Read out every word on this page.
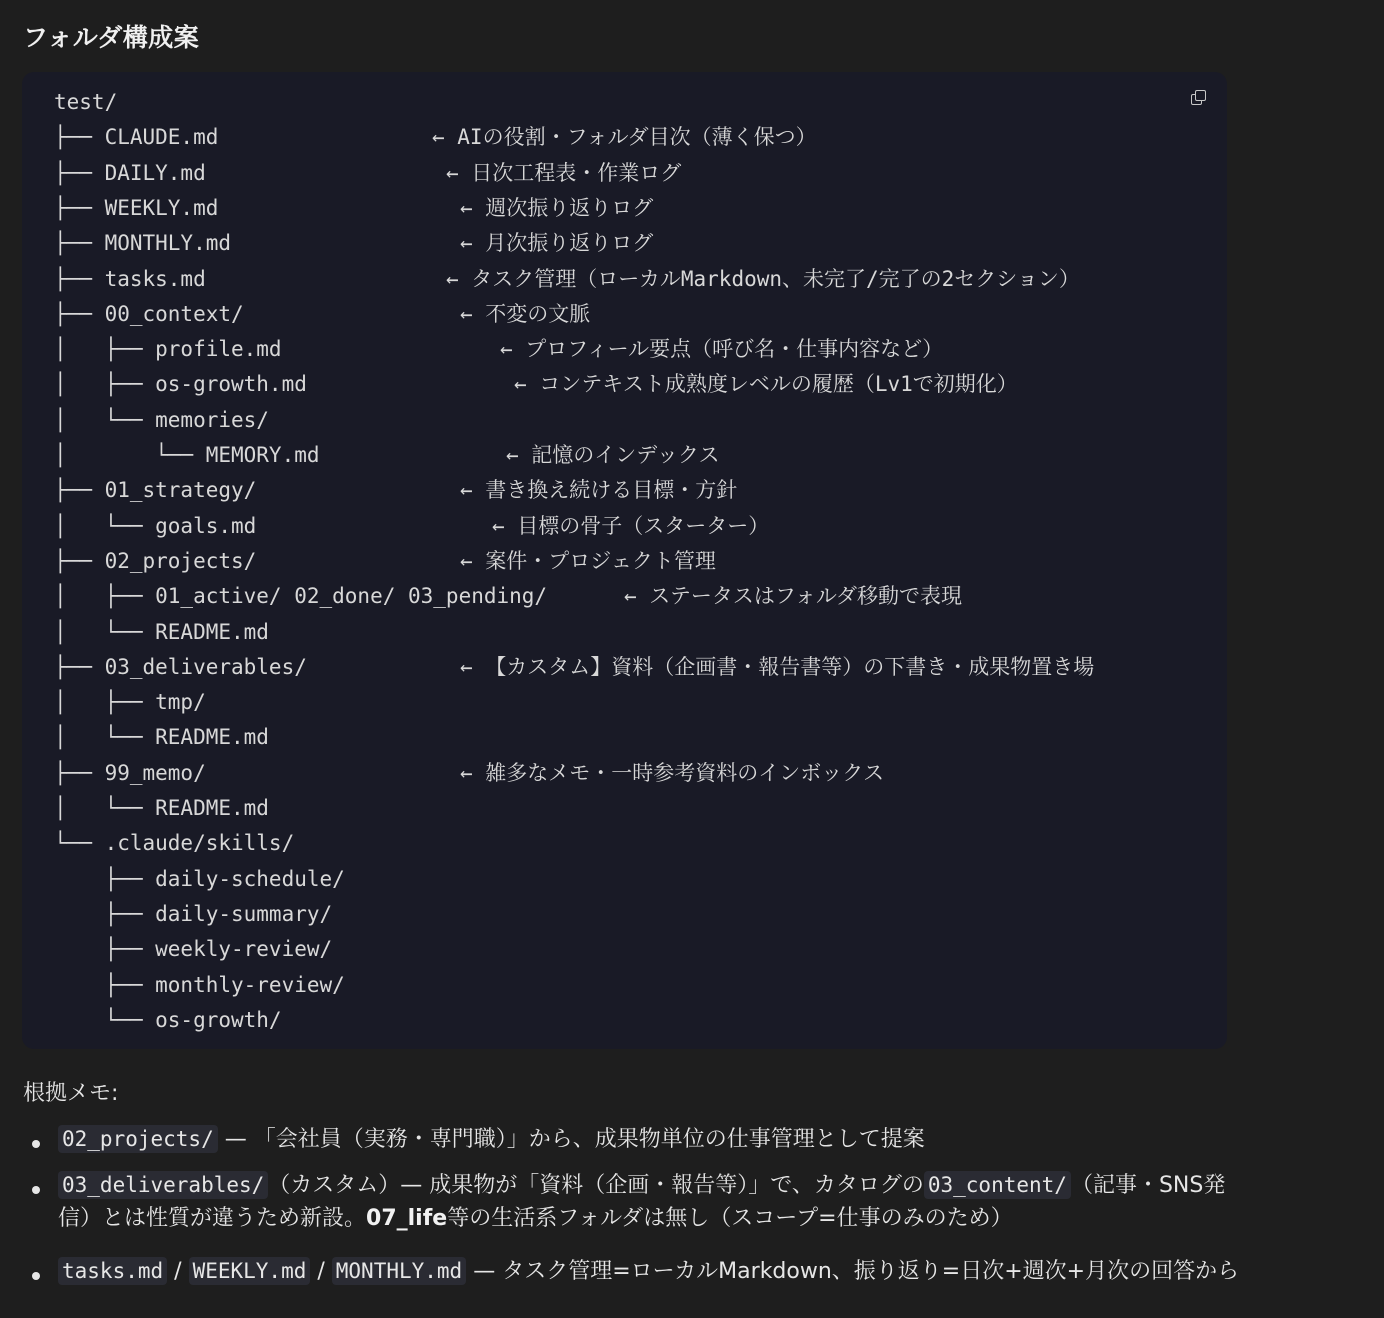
フォルダ構成案
test/
├── CLAUDE.md	← AIの役割・フォルダ目次（薄く保つ）
├── DAILY.md	← 日次工程表・作業ログ
├── WEEKLY.md	← 週次振り返りログ
├── MONTHLY.md	← 月次振り返りログ
├── tasks.md	← タスク管理（ローカルMarkdown、未完了/完了の2セクション）
├── 00_context/	← 不変の文脈
│   ├── profile.md	← プロフィール要点（呼び名・仕事内容など）
│   ├── os-growth.md	← コンテキスト成熟度レベルの履歴（Lv1で初期化）
│   └── memories/
│       └── MEMORY.md	← 記憶のインデックス
├── 01_strategy/	← 書き換え続ける目標・方針
│   └── goals.md	← 目標の骨子（スターター）
├── 02_projects/	← 案件・プロジェクト管理
│   ├── 01_active/ 02_done/ 03_pending/	← ステータスはフォルダ移動で表現
│   └── README.md
├── 03_deliverables/	← 【カスタム】資料（企画書・報告書等）の下書き・成果物置き場
│   ├── tmp/
│   └── README.md
├── 99_memo/	← 雑多なメモ・一時参考資料のインボックス
│   └── README.md
└── .claude/skills/
├── daily-schedule/
├── daily-summary/
├── weekly-review/
├── monthly-review/
└── os-growth/
根拠メモ:
02_projects/ — 「会社員（実務・専門職）」から、成果物単位の仕事管理として提案
03_deliverables/ （カスタム）— 成果物が「資料（企画・報告等）」で、カタログの 03_content/ （記事・SNS発
信）とは性質が違うため新設。07_life等の生活系フォルダは無し（スコープ=仕事のみのため）
tasks.md / WEEKLY.md / MONTHLY.md — タスク管理=ローカルMarkdown、振り返り=日次+週次+月次の回答から
